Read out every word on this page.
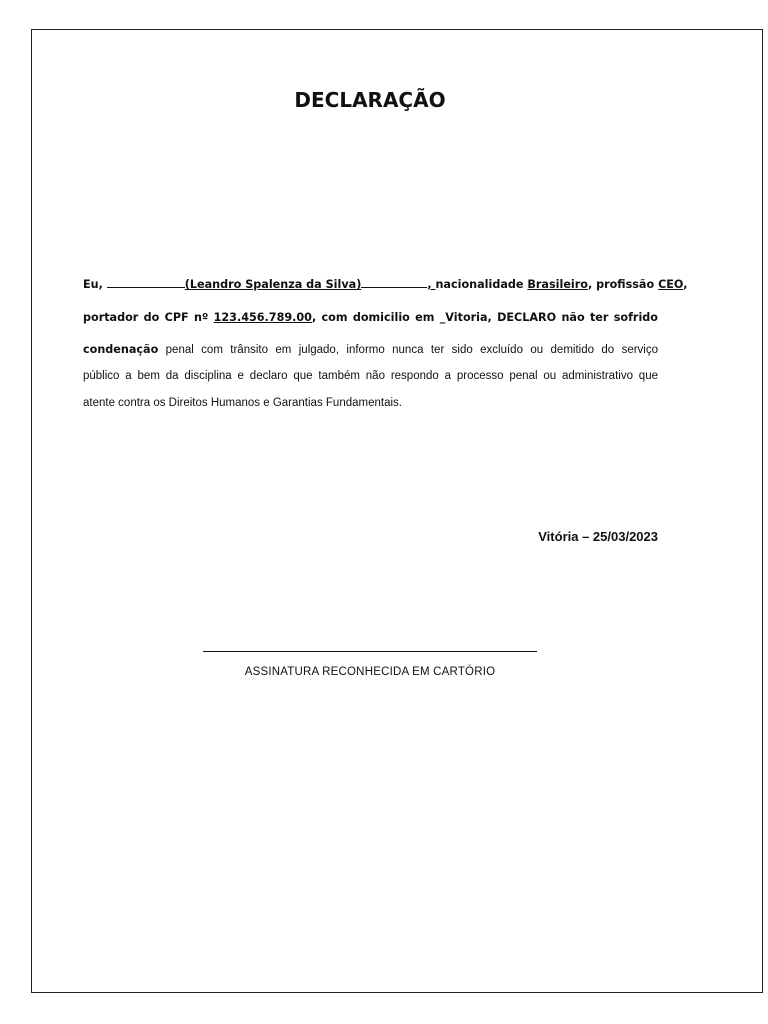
DECLARAÇÃO
Eu,	(Leandro Spalenza da Silva)	, nacionalidade Brasileiro, profissão CEO,
portador do CPF nº 123.456.789.00, com domicilio em _Vitoria, DECLARO não ter sofrido
condenação penal com trânsito em julgado, informo nunca ter sido excluído ou demitido do serviço
público a bem da disciplina e declaro que também não respondo a processo penal ou administrativo que
atente contra os Direitos Humanos e Garantias Fundamentais.
Vitória – 25/03/2023
ASSINATURA RECONHECIDA EM CARTÓRIO
